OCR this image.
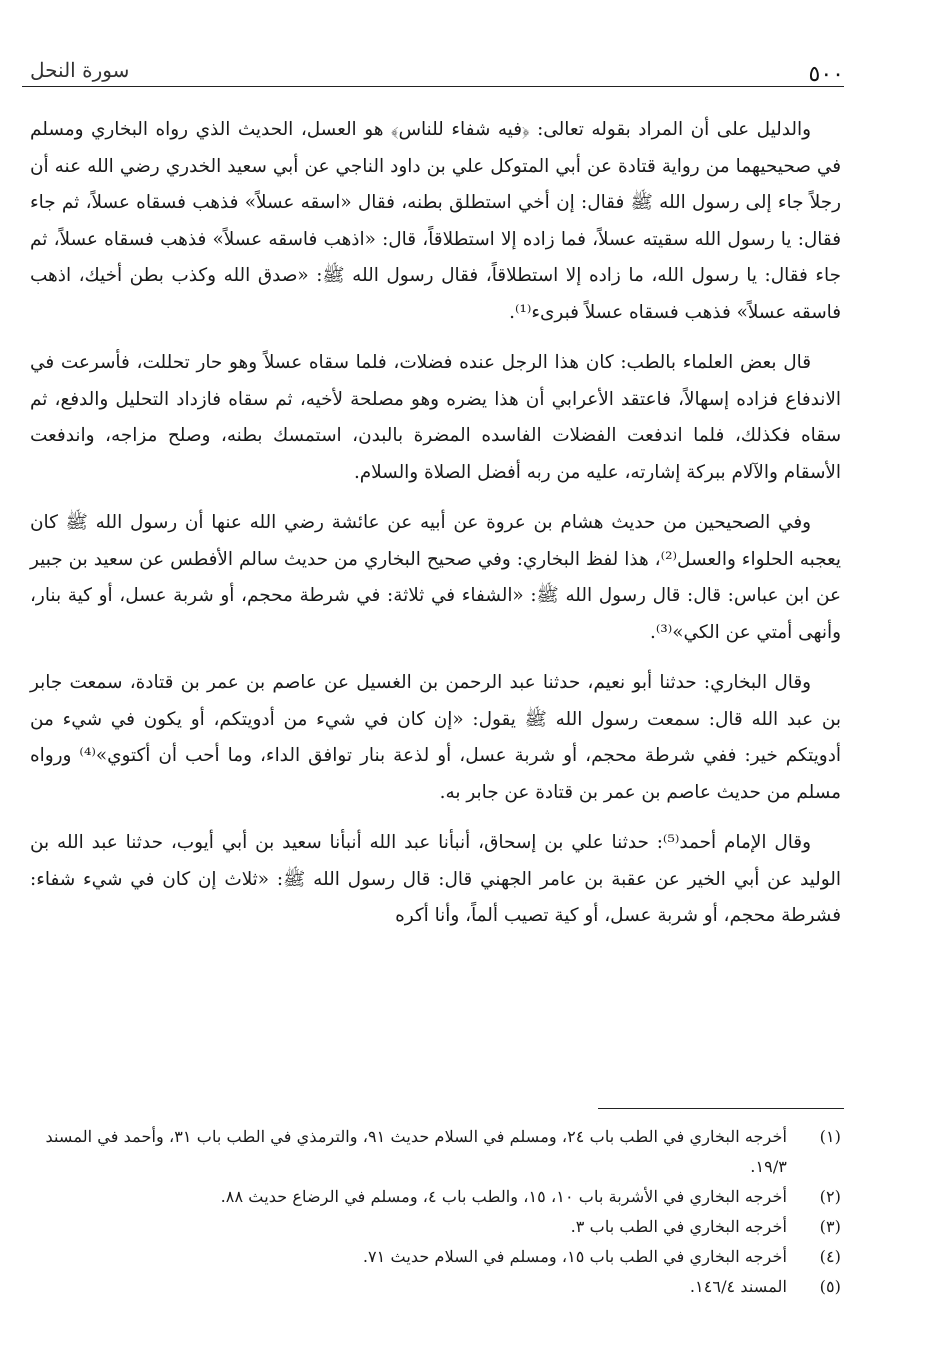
سورة النحل	٥٠٠

والدليل على أن المراد بقوله تعالى: ﴿فيه شفاء للناس﴾ هو العسل، الحديث الذي رواه البخاري ومسلم في صحيحيهما من رواية قتادة عن أبي المتوكل علي بن داود الناجي عن أبي سعيد الخدري رضي الله عنه أن رجلاً جاء إلى رسول الله ﷺ فقال: إن أخي استطلق بطنه، فقال «اسقه عسلاً» فذهب فسقاه عسلاً، ثم جاء فقال: يا رسول الله سقيته عسلاً، فما زاده إلا استطلاقاً، قال: «اذهب فاسقه عسلاً» فذهب فسقاه عسلاً، ثم جاء فقال: يا رسول الله، ما زاده إلا استطلاقاً، فقال رسول الله ﷺ: «صدق الله وكذب بطن أخيك، اذهب فاسقه عسلاً» فذهب فسقاه عسلاً فبرىء⁽¹⁾.

قال بعض العلماء بالطب: كان هذا الرجل عنده فضلات، فلما سقاه عسلاً وهو حار تحللت، فأسرعت في الاندفاع فزاده إسهالاً، فاعتقد الأعرابي أن هذا يضره وهو مصلحة لأخيه، ثم سقاه فازداد التحليل والدفع، ثم سقاه فكذلك، فلما اندفعت الفضلات الفاسده المضرة بالبدن، استمسك بطنه، وصلح مزاجه، واندفعت الأسقام والآلام ببركة إشارته، عليه من ربه أفضل الصلاة والسلام.

وفي الصحيحين من حديث هشام بن عروة عن أبيه عن عائشة رضي الله عنها أن رسول الله ﷺ كان يعجبه الحلواء والعسل⁽²⁾، هذا لفظ البخاري: وفي صحيح البخاري من حديث سالم الأفطس عن سعيد بن جبير عن ابن عباس: قال: قال رسول الله ﷺ: «الشفاء في ثلاثة: في شرطة محجم، أو شربة عسل، أو كية بنار، وأنهى أمتي عن الكي»⁽³⁾.

وقال البخاري: حدثنا أبو نعيم، حدثنا عبد الرحمن بن الغسيل عن عاصم بن عمر بن قتادة، سمعت جابر بن عبد الله قال: سمعت رسول الله ﷺ يقول: «إن كان في شيء من أدويتكم، أو يكون في شيء من أدويتكم خير: ففي شرطة محجم، أو شربة عسل، أو لذعة بنار توافق الداء، وما أحب أن أكتوي»⁽⁴⁾ ورواه مسلم من حديث عاصم بن عمر بن قتادة عن جابر به.

وقال الإمام أحمد⁽⁵⁾: حدثنا علي بن إسحاق، أنبأنا عبد الله أنبأنا سعيد بن أبي أيوب، حدثنا عبد الله بن الوليد عن أبي الخير عن عقبة بن عامر الجهني قال: قال رسول الله ﷺ: «ثلاث إن كان في شيء شفاء: فشرطة محجم، أو شربة عسل، أو كية تصيب ألماً، وأنا أكره

(١)
أخرجه البخاري في الطب باب ٢٤، ومسلم في السلام حديث ٩١، والترمذي في الطب باب ٣١، وأحمد في المسند ١٩/٣.
(٢)
أخرجه البخاري في الأشربة باب ١٠، ١٥، والطب باب ٤، ومسلم في الرضاع حديث ٨٨.
(٣)
أخرجه البخاري في الطب باب ٣.
(٤)
أخرجه البخاري في الطب باب ١٥، ومسلم في السلام حديث ٧١.
(٥)
المسند ١٤٦/٤.
